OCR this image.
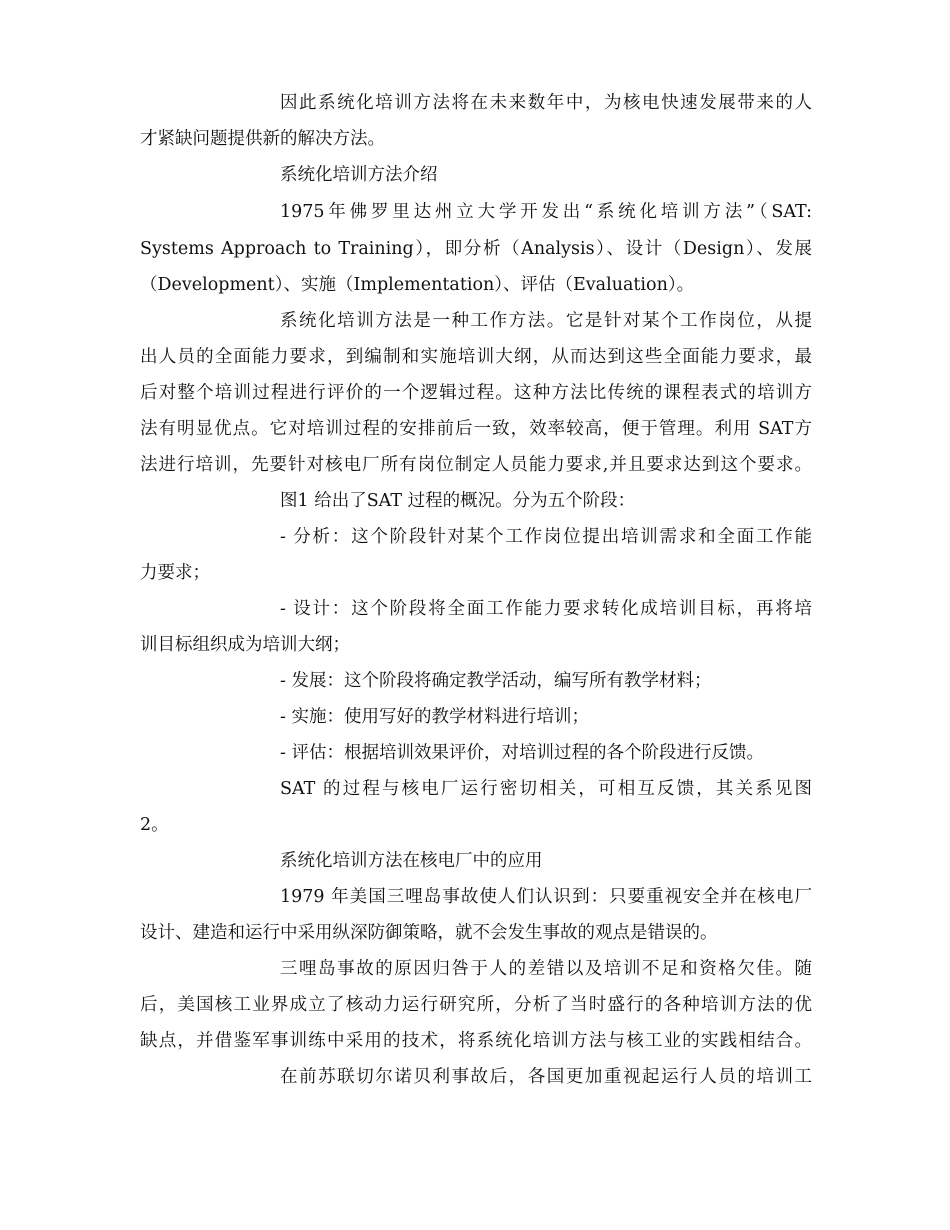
因此系统化培训方法将在未来数年中，为核电快速发展带来的人
才紧缺问题提供新的解决方法。
系统化培训方法介绍
1975年佛罗里达州立大学开发出“系统化培训方法”（SAT:
Systems Approach to Training），即分析（Analysis）、设计（Design）、发展
（Development）、实施（Implementation）、评估（Evaluation）。
系统化培训方法是一种工作方法。它是针对某个工作岗位，从提
出人员的全面能力要求，到编制和实施培训大纲，从而达到这些全面能力要求，最
后对整个培训过程进行评价的一个逻辑过程。这种方法比传统的课程表式的培训方
法有明显优点。它对培训过程的安排前后一致，效率较高，便于管理。利用 SAT方
法进行培训，先要针对核电厂所有岗位制定人员能力要求,并且要求达到这个要求。
图1 给出了SAT 过程的概况。分为五个阶段：
- 分析：这个阶段针对某个工作岗位提出培训需求和全面工作能
力要求；
- 设计：这个阶段将全面工作能力要求转化成培训目标，再将培
训目标组织成为培训大纲；
- 发展：这个阶段将确定教学活动，编写所有教学材料；
- 实施：使用写好的教学材料进行培训；
- 评估：根据培训效果评价，对培训过程的各个阶段进行反馈。
SAT 的过程与核电厂运行密切相关，可相互反馈，其关系见图
2。
系统化培训方法在核电厂中的应用
1979 年美国三哩岛事故使人们认识到：只要重视安全并在核电厂
设计、建造和运行中采用纵深防御策略，就不会发生事故的观点是错误的。
三哩岛事故的原因归咎于人的差错以及培训不足和资格欠佳。随
后，美国核工业界成立了核动力运行研究所，分析了当时盛行的各种培训方法的优
缺点，并借鉴军事训练中采用的技术，将系统化培训方法与核工业的实践相结合。
在前苏联切尔诺贝利事故后，各国更加重视起运行人员的培训工
